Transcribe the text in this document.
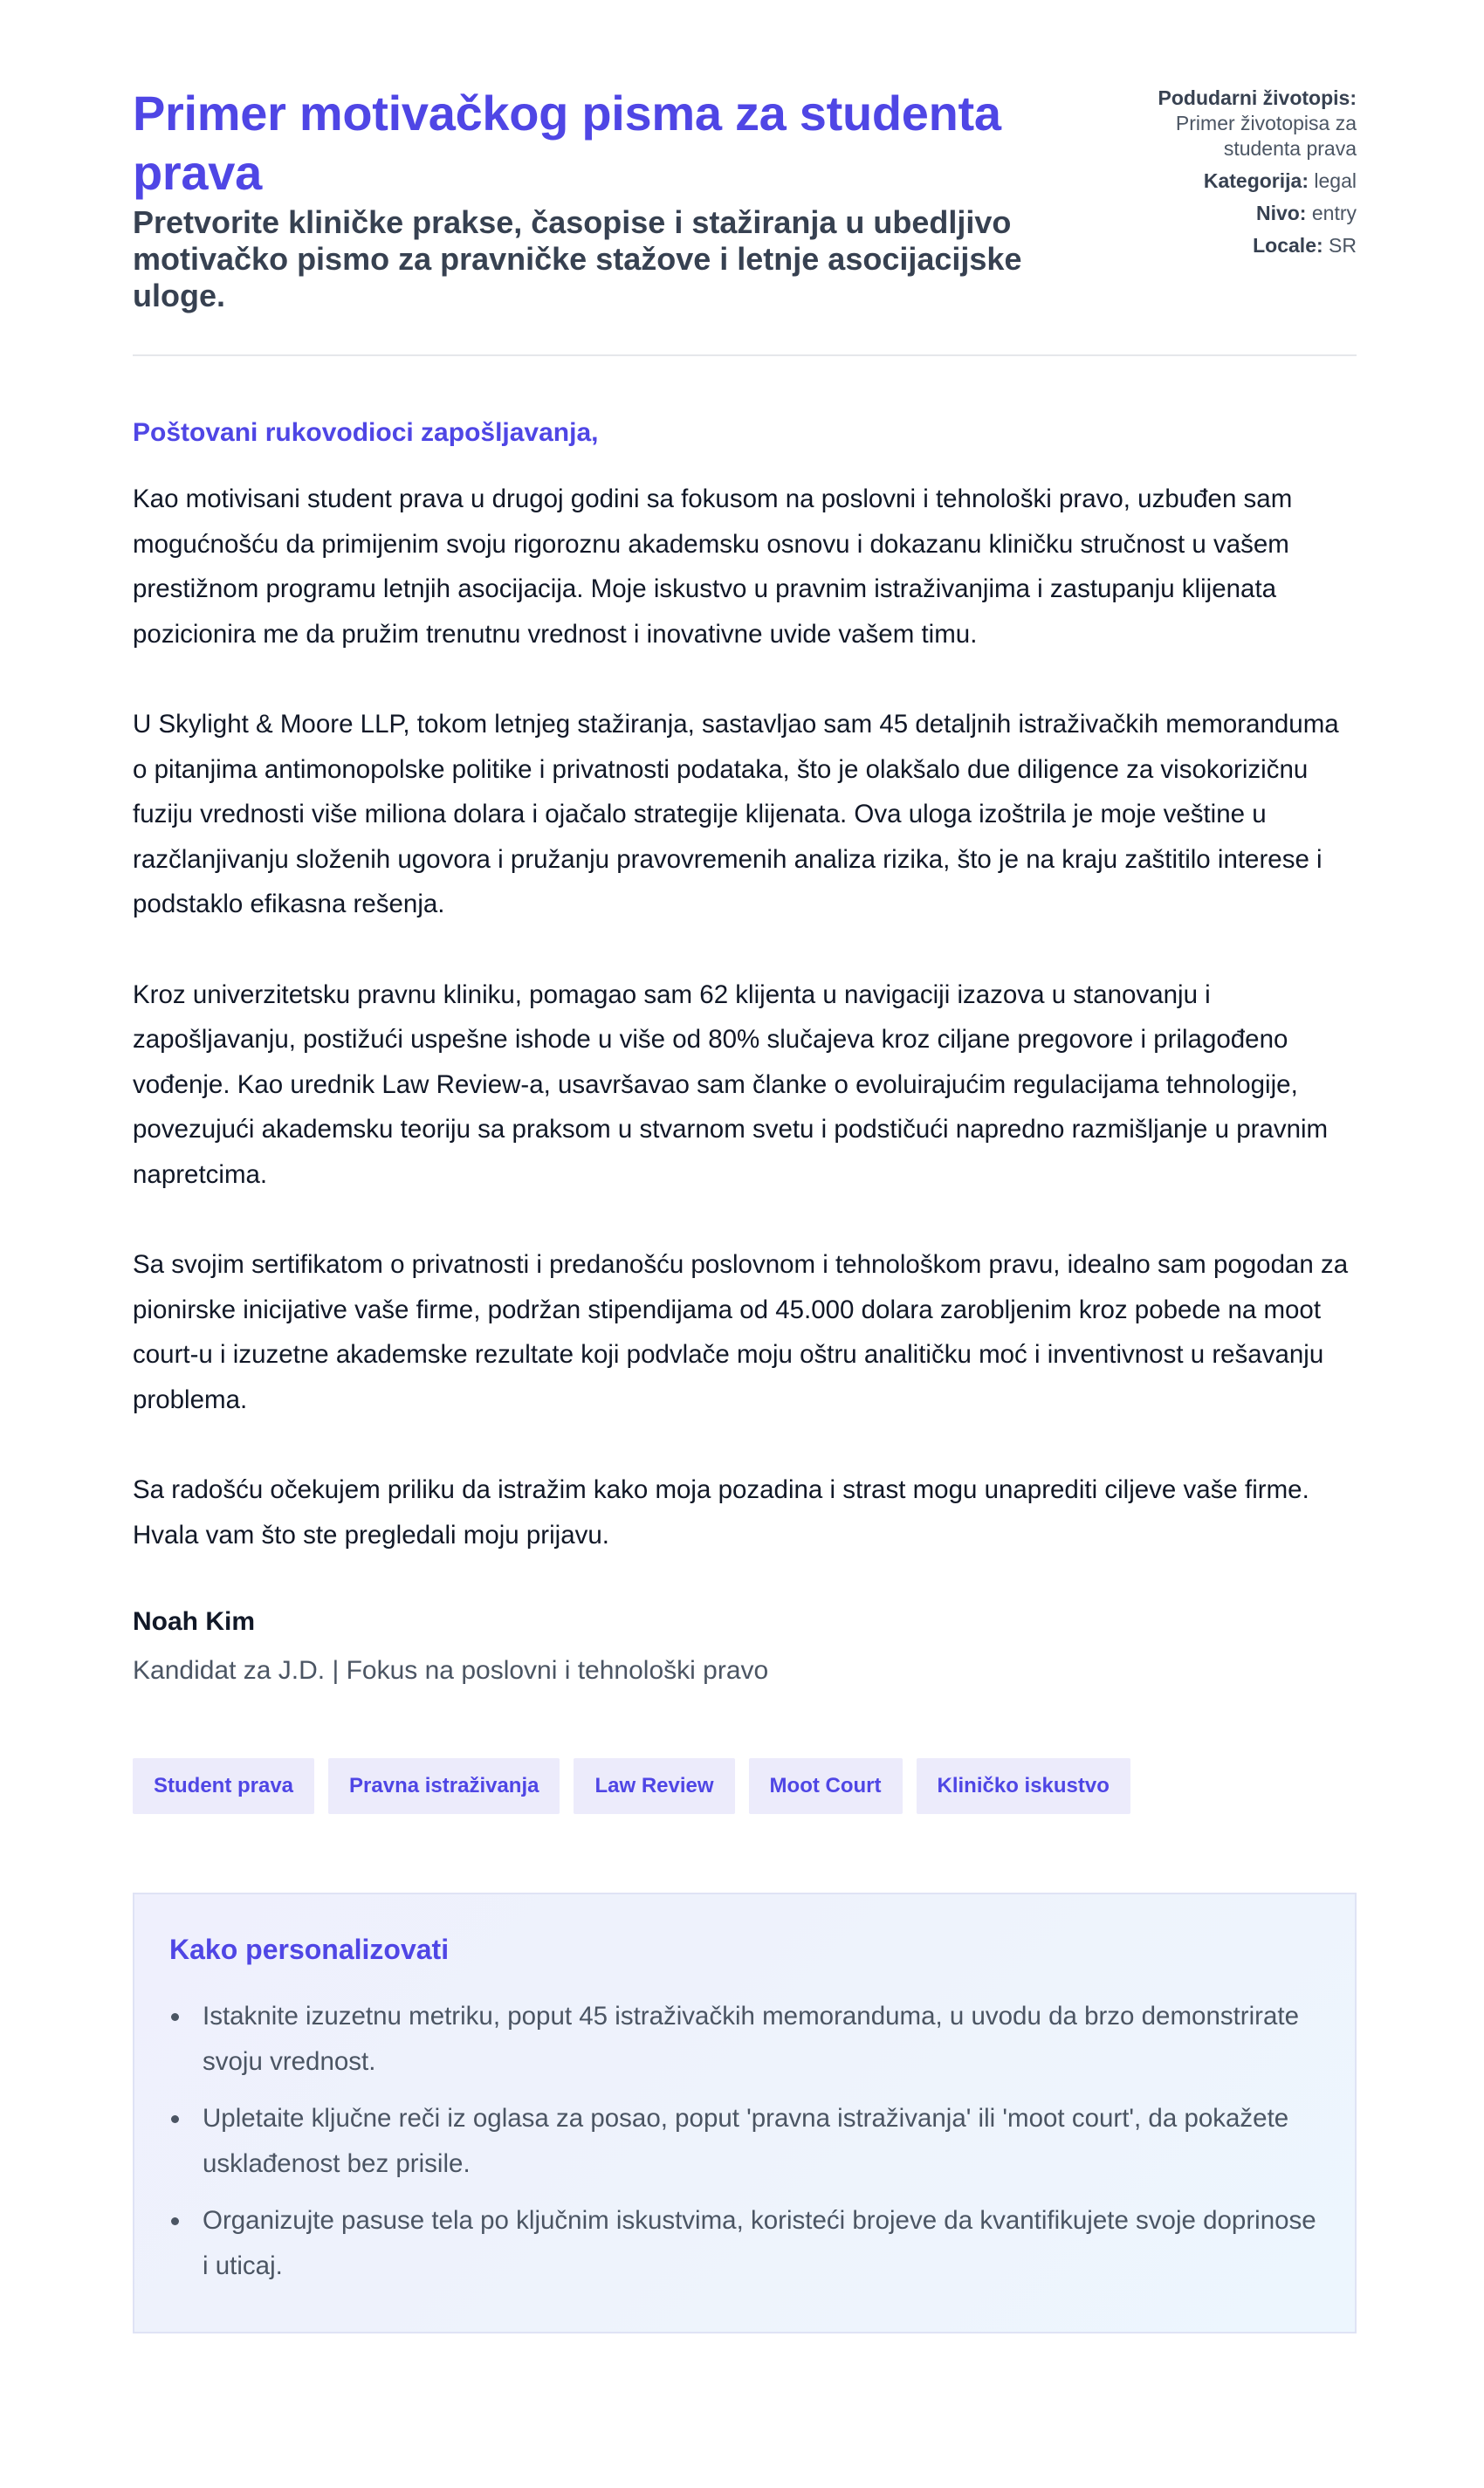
Primer motivačkog pisma za studenta prava

Pretvorite kliničke prakse, časopise i stažiranja u ubedljivo motivačko pismo za pravničke stažove i letnje asocijacijske uloge.

Podudarni životopis: Primer životopisa za studenta prava
Kategorija: legal
Nivo: entry
Locale: SR

Poštovani rukovodioci zapošljavanja,

Kao motivisani student prava u drugoj godini sa fokusom na poslovni i tehnološki pravo, uzbuđen sam mogućnošću da primijenim svoju rigoroznu akademsku osnovu i dokazanu kliničku stručnost u vašem prestižnom programu letnjih asocijacija. Moje iskustvo u pravnim istraživanjima i zastupanju klijenata pozicionira me da pružim trenutnu vrednost i inovativne uvide vašem timu.

U Skylight & Moore LLP, tokom letnjeg stažiranja, sastavljao sam 45 detaljnih istraživačkih memoranduma o pitanjima antimonopolske politike i privatnosti podataka, što je olakšalo due diligence za visokorizičnu fuziju vrednosti više miliona dolara i ojačalo strategije klijenata. Ova uloga izoštrila je moje veštine u razčlanjivanju složenih ugovora i pružanju pravovremenih analiza rizika, što je na kraju zaštitilo interese i podstaklo efikasna rešenja.

Kroz univerzitetsku pravnu kliniku, pomagao sam 62 klijenta u navigaciji izazova u stanovanju i zapošljavanju, postižući uspešne ishode u više od 80% slučajeva kroz ciljane pregovore i prilagođeno vođenje. Kao urednik Law Review-a, usavršavao sam članke o evoluirajućim regulacijama tehnologije, povezujući akademsku teoriju sa praksom u stvarnom svetu i podstičući napredno razmišljanje u pravnim napretcima.

Sa svojim sertifikatom o privatnosti i predanošću poslovnom i tehnološkom pravu, idealno sam pogodan za pionirske inicijative vaše firme, podržan stipendijama od 45.000 dolara zarobljenim kroz pobede na moot court-u i izuzetne akademske rezultate koji podvlače moju oštru analitičku moć i inventivnost u rešavanju problema.

Sa radošću očekujem priliku da istražim kako moja pozadina i strast mogu unaprediti ciljeve vaše firme. Hvala vam što ste pregledali moju prijavu.

Noah Kim

Kandidat za J.D. | Fokus na poslovni i tehnološki pravo

Student prava	Pravna istraživanja	Law Review	Moot Court	Kliničko iskustvo
Kako personalizovati
Istaknite izuzetnu metriku, poput 45 istraživačkih memoranduma, u uvodu da brzo demonstrirate svoju vrednost.
Upletaite ključne reči iz oglasa za posao, poput 'pravna istraživanja' ili 'moot court', da pokažete usklađenost bez prisile.
Organizujte pasuse tela po ključnim iskustvima, koristeći brojeve da kvantifikujete svoje doprinose i uticaj.
